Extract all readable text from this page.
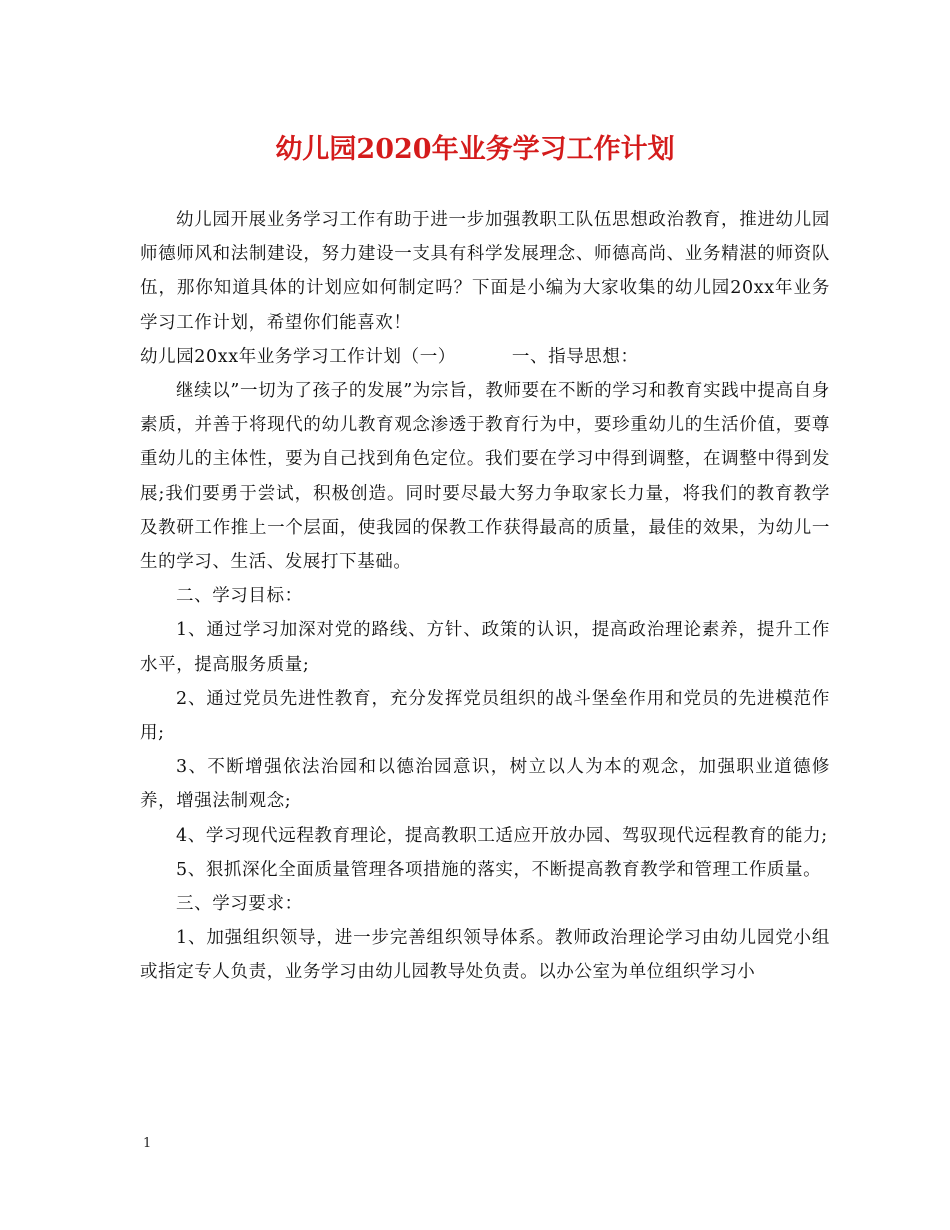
幼儿园2020年业务学习工作计划

幼儿园开展业务学习工作有助于进一步加强教职工队伍思想政治教育，推进幼儿园师德师风和法制建设，努力建设一支具有科学发展理念、师德高尚、业务精湛的师资队伍，那你知道具体的计划应如何制定吗？下面是小编为大家收集的幼儿园20xx年业务学习工作计划，希望你们能喜欢！

幼儿园20xx年业务学习工作计划（一）	一、指导思想：

继续以”一切为了孩子的发展”为宗旨，教师要在不断的学习和教育实践中提高自身素质，并善于将现代的幼儿教育观念渗透于教育行为中，要珍重幼儿的生活价值，要尊重幼儿的主体性，要为自己找到角色定位。我们要在学习中得到调整，在调整中得到发展;我们要勇于尝试，积极创造。同时要尽最大努力争取家长力量，将我们的教育教学及教研工作推上一个层面，使我园的保教工作获得最高的质量，最佳的效果，为幼儿一生的学习、生活、发展打下基础。

二、学习目标：

1、通过学习加深对党的路线、方针、政策的认识，提高政治理论素养，提升工作水平，提高服务质量;

2、通过党员先进性教育，充分发挥党员组织的战斗堡垒作用和党员的先进模范作用;

3、不断增强依法治园和以德治园意识，树立以人为本的观念，加强职业道德修养，增强法制观念;

4、学习现代远程教育理论，提高教职工适应开放办园、驾驭现代远程教育的能力;

5、狠抓深化全面质量管理各项措施的落实，不断提高教育教学和管理工作质量。

三、学习要求：

1、加强组织领导，进一步完善组织领导体系。教师政治理论学习由幼儿园党小组或指定专人负责，业务学习由幼儿园教导处负责。以办公室为单位组织学习小

1
